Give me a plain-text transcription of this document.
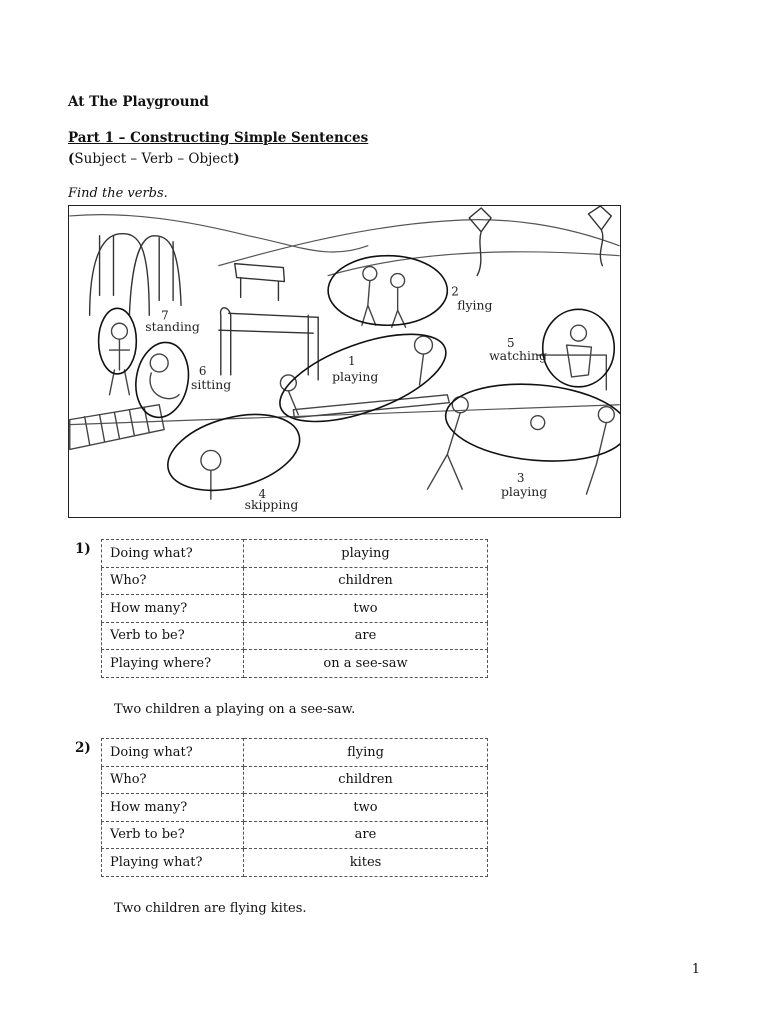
At The Playground
Part 1 – Constructing Simple Sentences
(Subject – Verb – Object)
Find the verbs.
1
playing
2
flying
3
playing
4
skipping
5
watching
6
sitting
7
standing
1) Doing what?	playing
Who?	children
How many?	two
Verb to be?	are
Playing where?	on a see-saw
Two children a playing on a see-saw.
2) Doing what?	flying
Who?	children
How many?	two
Verb to be?	are
Playing what?	kites
Two children are flying kites.
1
